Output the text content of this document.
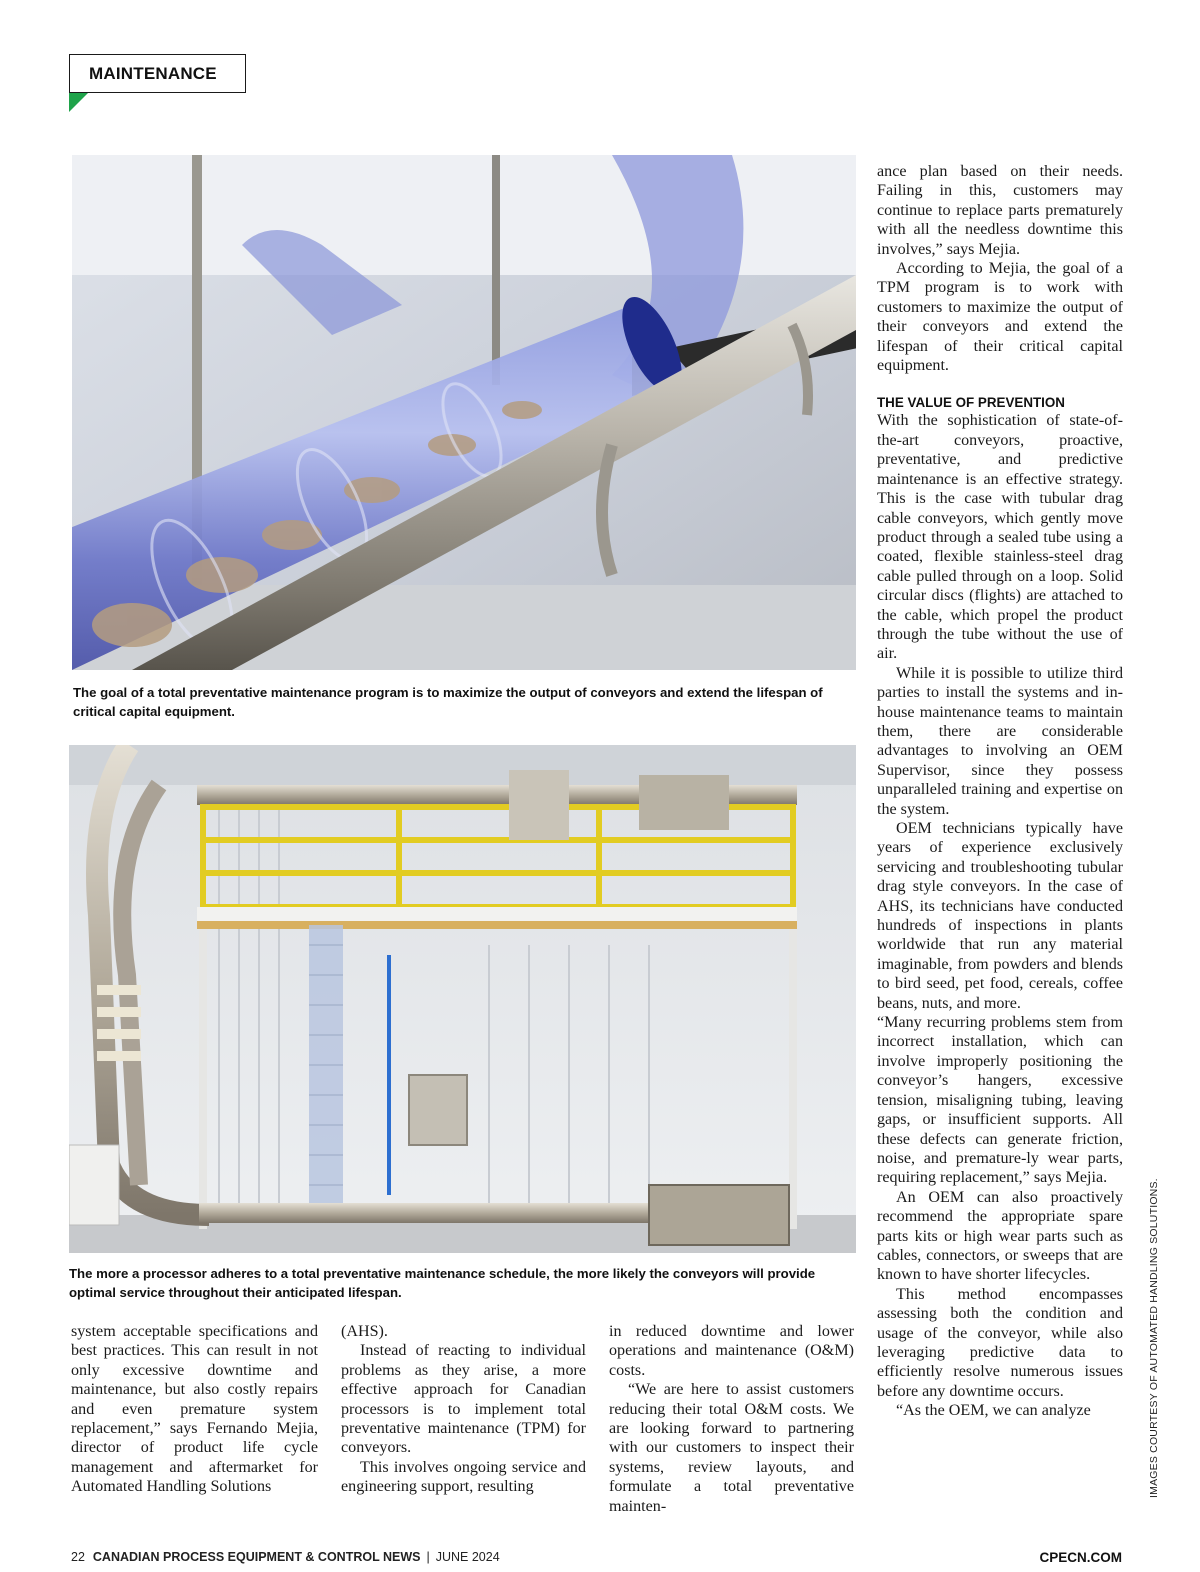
MAINTENANCE
The goal of a total preventative maintenance program is to maximize the output of conveyors and extend the lifespan of critical capital equipment.
The more a processor adheres to a total preventative maintenance schedule, the more likely the conveyors will provide optimal service throughout their anticipated lifespan.

ance plan based on their needs. Failing in this, customers may continue to replace parts prematurely with all the needless downtime this involves,” says Mejia.

According to Mejia, the goal of a TPM program is to work with customers to maximize the output of their conveyors and extend the lifespan of their critical capital equipment.

THE VALUE OF PREVENTION

With the sophistication of state-of-the-art conveyors, proactive, preventative, and predictive maintenance is an effective strategy. This is the case with tubular drag cable conveyors, which gently move product through a sealed tube using a coated, flexible stainless-steel drag cable pulled through on a loop. Solid circular discs (flights) are attached to the cable, which propel the product through the tube without the use of air.

While it is possible to utilize third parties to install the systems and in-house maintenance teams to maintain them, there are considerable advantages to involving an OEM Supervisor, since they possess unparalleled training and expertise on the system.

OEM technicians typically have years of experience exclusively servicing and troubleshooting tubular drag style conveyors. In the case of AHS, its technicians have conducted hundreds of inspections in plants worldwide that run any material imaginable, from powders and blends to bird seed, pet food, cereals, coffee beans, nuts, and more.

“Many recurring problems stem from incorrect installation, which can involve improperly positioning the conveyor’s hangers, excessive tension, misaligning tubing, leaving gaps, or insufficient supports. All these defects can generate friction, noise, and premature-ly wear parts, requiring replacement,” says Mejia.

An OEM can also proactively recommend the appropriate spare parts kits or high wear parts such as cables, connectors, or sweeps that are known to have shorter lifecycles.

This method encompasses assessing both the condition and usage of the conveyor, while also leveraging predictive data to efficiently resolve numerous issues before any downtime occurs.

“As the OEM, we can analyze

system acceptable specifications and best practices. This can result in not only excessive downtime and maintenance, but also costly repairs and even premature system replacement,” says Fernando Mejia, director of product life cycle management and aftermarket for Automated Handling Solutions

(AHS).

Instead of reacting to individual problems as they arise, a more effective approach for Canadian processors is to implement total preventative maintenance (TPM) for conveyors.

This involves ongoing service and engineering support, resulting

in reduced downtime and lower operations and maintenance (O&M) costs.

“We are here to assist customers reducing their total O&M costs. We are looking forward to partnering with our customers to inspect their systems, review layouts, and formulate a total preventative mainten-

IMAGES COURTESY OF AUTOMATED HANDLING SOLUTIONS.
22 CANADIAN PROCESS EQUIPMENT & CONTROL NEWS | JUNE 2024	CPECN.COM
